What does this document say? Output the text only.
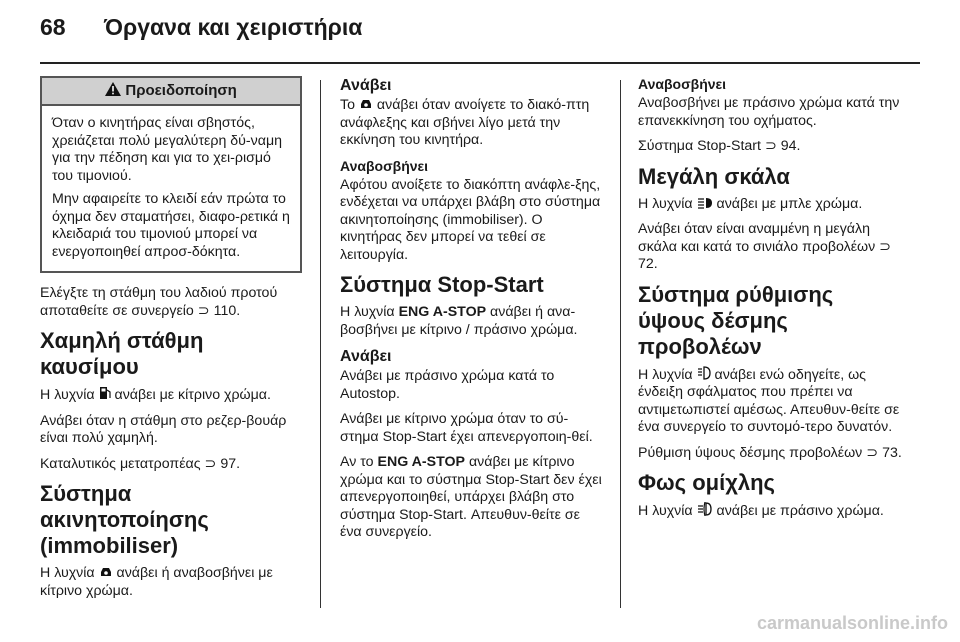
68 Όργανα και χειριστήρια
Προειδοποίηση

Όταν ο κινητήρας είναι σβηστός, χρειάζεται πολύ μεγαλύτερη δύ-ναμη για την πέδηση και για το χει-ρισμό του τιμονιού.

Μην αφαιρείτε το κλειδί εάν πρώτα το όχημα δεν σταματήσει, διαφο-ρετικά η κλειδαριά του τιμονιού μπορεί να ενεργοποιηθεί απροσ-δόκητα.

Ελέγξτε τη στάθμη του λαδιού προτού αποταθείτε σε συνεργείο ⊃ 110.

Χαμηλή στάθμη καυσίμου

Η λυχνία ανάβει με κίτρινο χρώμα.

Ανάβει όταν η στάθμη στο ρεζερ-βουάρ είναι πολύ χαμηλή.

Καταλυτικός μετατροπέας ⊃ 97.

Σύστημα ακινητοποίησης (immobiliser)

Η λυχνία ανάβει ή αναβοσβήνει με κίτρινο χρώμα.

Ανάβει

Το ανάβει όταν ανοίγετε το διακό-πτη ανάφλεξης και σβήνει λίγο μετά την εκκίνηση του κινητήρα.

Αναβοσβήνει

Αφότου ανοίξετε το διακόπτη ανάφλε-ξης, ενδέχεται να υπάρχει βλάβη στο σύστημα ακινητοποίησης (immobiliser). Ο κινητήρας δεν μπορεί να τεθεί σε λειτουργία.

Σύστημα Stop-Start

Η λυχνία ENG A-STOP ανάβει ή ανα-βοσβήνει με κίτρινο / πράσινο χρώμα.

Ανάβει

Ανάβει με πράσινο χρώμα κατά το Autostop.

Ανάβει με κίτρινο χρώμα όταν το σύ-στημα Stop-Start έχει απενεργοποιη-θεί.

Αν το ENG A-STOP ανάβει με κίτρινο χρώμα και το σύστημα Stop-Start δεν έχει απενεργοποιηθεί, υπάρχει βλάβη στο σύστημα Stop-Start. Απευθυν-θείτε σε ένα συνεργείο.

Αναβοσβήνει

Αναβοσβήνει με πράσινο χρώμα κατά την επανεκκίνηση του οχήματος.

Σύστημα Stop-Start ⊃ 94.

Μεγάλη σκάλα

Η λυχνία ανάβει με μπλε χρώμα.

Ανάβει όταν είναι αναμμένη η μεγάλη σκάλα και κατά το σινιάλο προβολέων ⊃ 72.

Σύστημα ρύθμισης ύψους δέσμης προβολέων

Η λυχνία ανάβει ενώ οδηγείτε, ως ένδειξη σφάλματος που πρέπει να αντιμετωπιστεί αμέσως. Απευθυν-θείτε σε ένα συνεργείο το συντομό-τερο δυνατόν.

Ρύθμιση ύψους δέσμης προβολέων ⊃ 73.

Φως ομίχλης

Η λυχνία ανάβει με πράσινο χρώμα.

carmanualsonline.info
